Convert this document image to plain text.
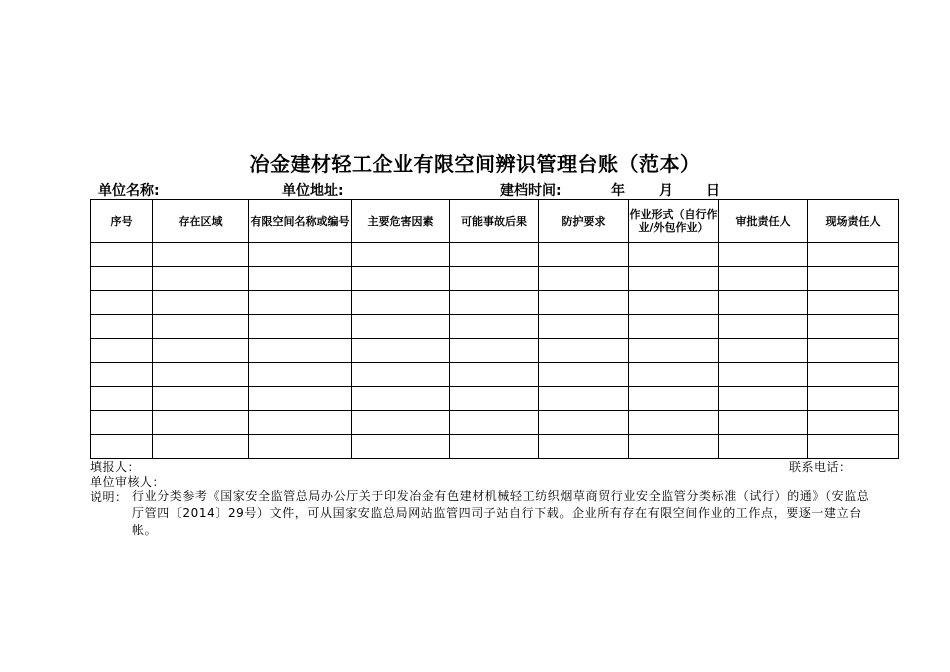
冶金建材轻工企业有限空间辨识管理台账（范本）
单位名称:	单位地址:	建档时间:	年 月 日
序号	存在区域	有限空间名称或编号	主要危害因素	可能事故后果	防护要求	作业形式（自行作业/外包作业）	审批责任人	现场责任人

填报人：	联系电话：
单位审核人：
说明： 行业分类参考《国家安全监管总局办公厅关于印发冶金有色建材机械轻工纺织烟草商贸行业安全监管分类标准（试行）的通》（安监总厅管四〔2014〕29号）文件，可从国家安监总局网站监管四司子站自行下载。企业所有存在有限空间作业的工作点，要逐一建立台帐。
